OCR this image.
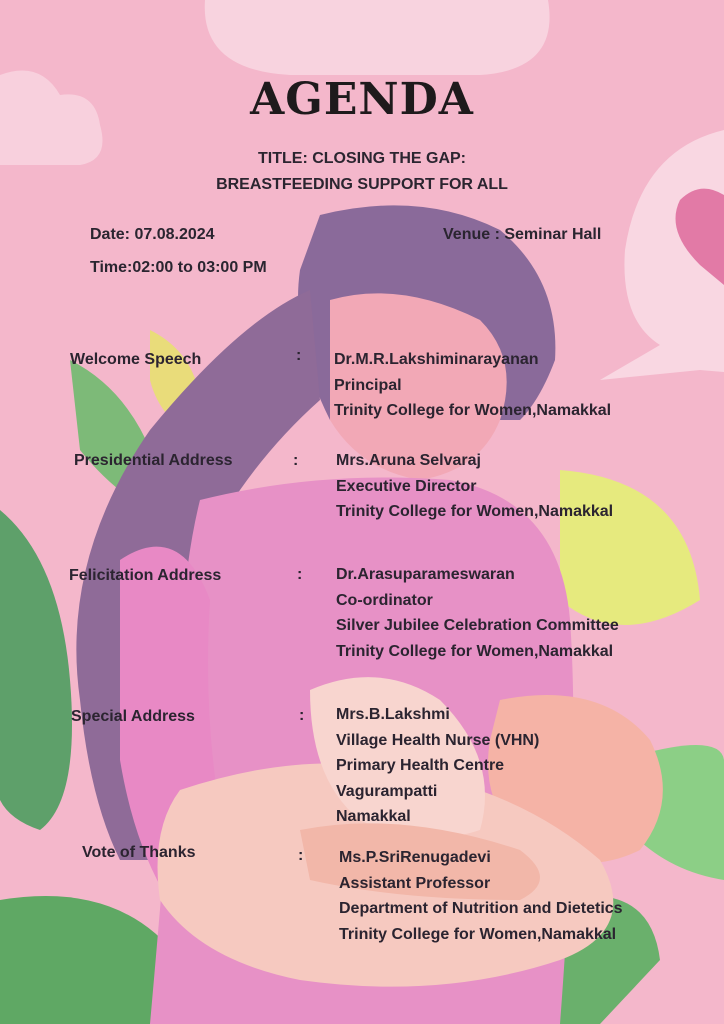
AGENDA
TITLE: CLOSING THE GAP:
BREASTFEEDING SUPPORT FOR ALL
Date: 07.08.2024	Venue : Seminar Hall
Time:02:00 to 03:00 PM
Welcome Speech	: Dr.M.R.Lakshiminarayanan
Principal
Trinity College for Women,Namakkal
Presidential Address	: Mrs.Aruna Selvaraj
Executive Director
Trinity College for Women,Namakkal
Felicitation Address	: Dr.Arasuparameswaran
Co-ordinator
Silver Jubilee Celebration Committee
Trinity College for Women,Namakkal
Special Address	: Mrs.B.Lakshmi
Village Health Nurse (VHN)
Primary Health Centre
Vagurampatti
Namakkal
Vote of Thanks	: Ms.P.SriRenugadevi
Assistant Professor
Department of Nutrition and Dietetics
Trinity College for Women,Namakkal
